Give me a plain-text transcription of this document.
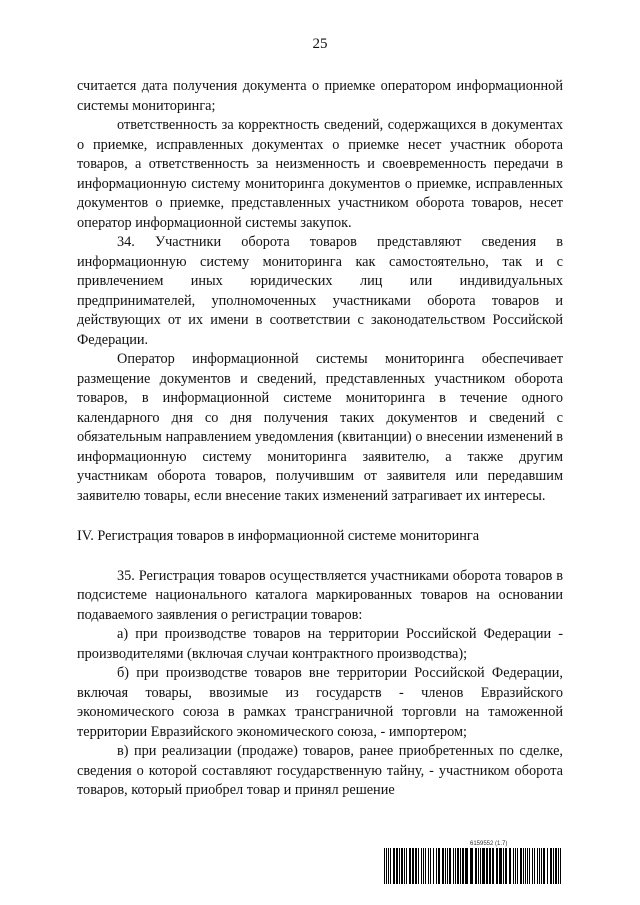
25

считается дата получения документа о приемке оператором информационной системы мониторинга;

ответственность за корректность сведений, содержащихся в документах о приемке, исправленных документах о приемке несет участник оборота товаров, а ответственность за неизменность и своевременность передачи в информационную систему мониторинга документов о приемке, исправленных документов о приемке, представленных участником оборота товаров, несет оператор информационной системы закупок.

34. Участники оборота товаров представляют сведения в информационную систему мониторинга как самостоятельно, так и с привлечением иных юридических лиц или индивидуальных предпринимателей, уполномоченных участниками оборота товаров и действующих от их имени в соответствии с законодательством Российской Федерации.

Оператор информационной системы мониторинга обеспечивает размещение документов и сведений, представленных участником оборота товаров, в информационной системе мониторинга в течение одного календарного дня со дня получения таких документов и сведений с обязательным направлением уведомления (квитанции) о внесении изменений в информационную систему мониторинга заявителю, а также другим участникам оборота товаров, получившим от заявителя или передавшим заявителю товары, если внесение таких изменений затрагивает их интересы.

IV. Регистрация товаров в информационной системе мониторинга

35. Регистрация товаров осуществляется участниками оборота товаров в подсистеме национального каталога маркированных товаров на основании подаваемого заявления о регистрации товаров:

а) при производстве товаров на территории Российской Федерации - производителями (включая случаи контрактного производства);

б) при производстве товаров вне территории Российской Федерации, включая товары, ввозимые из государств - членов Евразийского экономического союза в рамках трансграничной торговли на таможенной территории Евразийского экономического союза, - импортером;

в) при реализации (продаже) товаров, ранее приобретенных по сделке, сведения о которой составляют государственную тайну, - участником оборота товаров, который приобрел товар и принял решение

6159552 (1.7)
